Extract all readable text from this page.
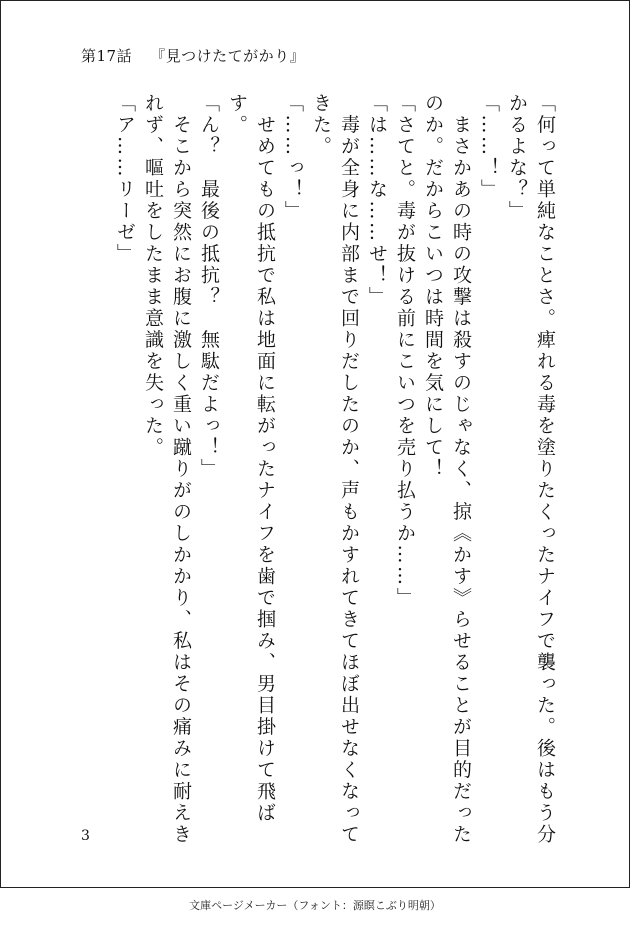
第17話 『見つけたてがかり』

「何って単純なことさ。痺れる毒を塗りたくったナイフで襲った。後はもう分かるよな？」

「……！」

　まさかあの時の攻撃は殺すのじゃなく、掠《かす》らせることが目的だったのか。だからこいつは時間を気にして！

「さてと。毒が抜ける前にこいつを売り払うか……」

「は……な……せ！」

　毒が全身に内部まで回りだしたのか、声もかすれてきてほぼ出せなくなってきた。

「……っ！」

　せめてもの抵抗で私は地面に転がったナイフを歯で掴み、男目掛けて飛ばす。

「ん？　最後の抵抗？　無駄だよっ！」

　そこから突然にお腹に激しく重い蹴りがのしかかり、私はその痛みに耐えきれず、嘔吐をしたまま意識を失った。

「ア……リーゼ」

3
文庫ページメーカー（フォント：源瞑こぶり明朝）
